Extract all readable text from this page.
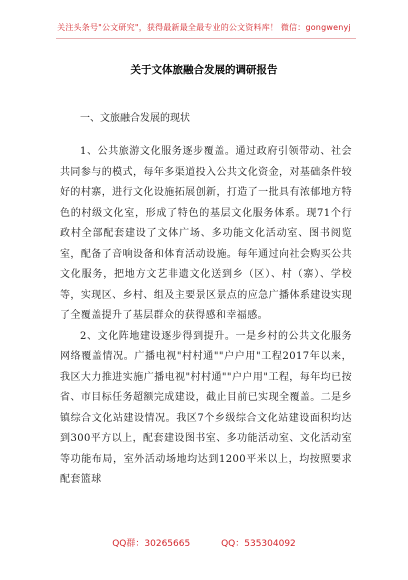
关注头条号"公文研究"，获得最新最全最专业的公文资料库！ 微信：gongwenyj
关于文体旅融合发展的调研报告

一、文旅融合发展的现状

1、公共旅游文化服务逐步覆盖。通过政府引领带动、社会共同参与的模式，每年多渠道投入公共文化资金，对基础条件较好的村寨，进行文化设施拓展创新，打造了一批具有浓郁地方特色的村级文化室，形成了特色的基层文化服务体系。现71个行政村全部配套建设了文体广场、多功能文化活动室、图书阅览室，配备了音响设备和体育活动设施。每年通过向社会购买公共文化服务，把地方文艺非遗文化送到乡（区）、村（寨）、学校等，实现区、乡村、组及主要景区景点的应急广播体系建设实现了全覆盖提升了基层群众的获得感和幸福感。

2、文化阵地建设逐步得到提升。一是乡村的公共文化服务网络覆盖情况。广播电视"村村通""户户用"工程2017年以来，我区大力推进实施广播电视"村村通""户户用"工程，每年均已按省、市目标任务超额完成建设，截止目前已实现全覆盖。二是乡镇综合文化站建设情况。我区7个乡级综合文化站建设面积均达到300平方以上，配套建设图书室、多功能活动室、文化活动室等功能布局，室外活动场地均达到1200平米以上，均按照要求配套篮球

QQ群：30265665	QQ：535304092
